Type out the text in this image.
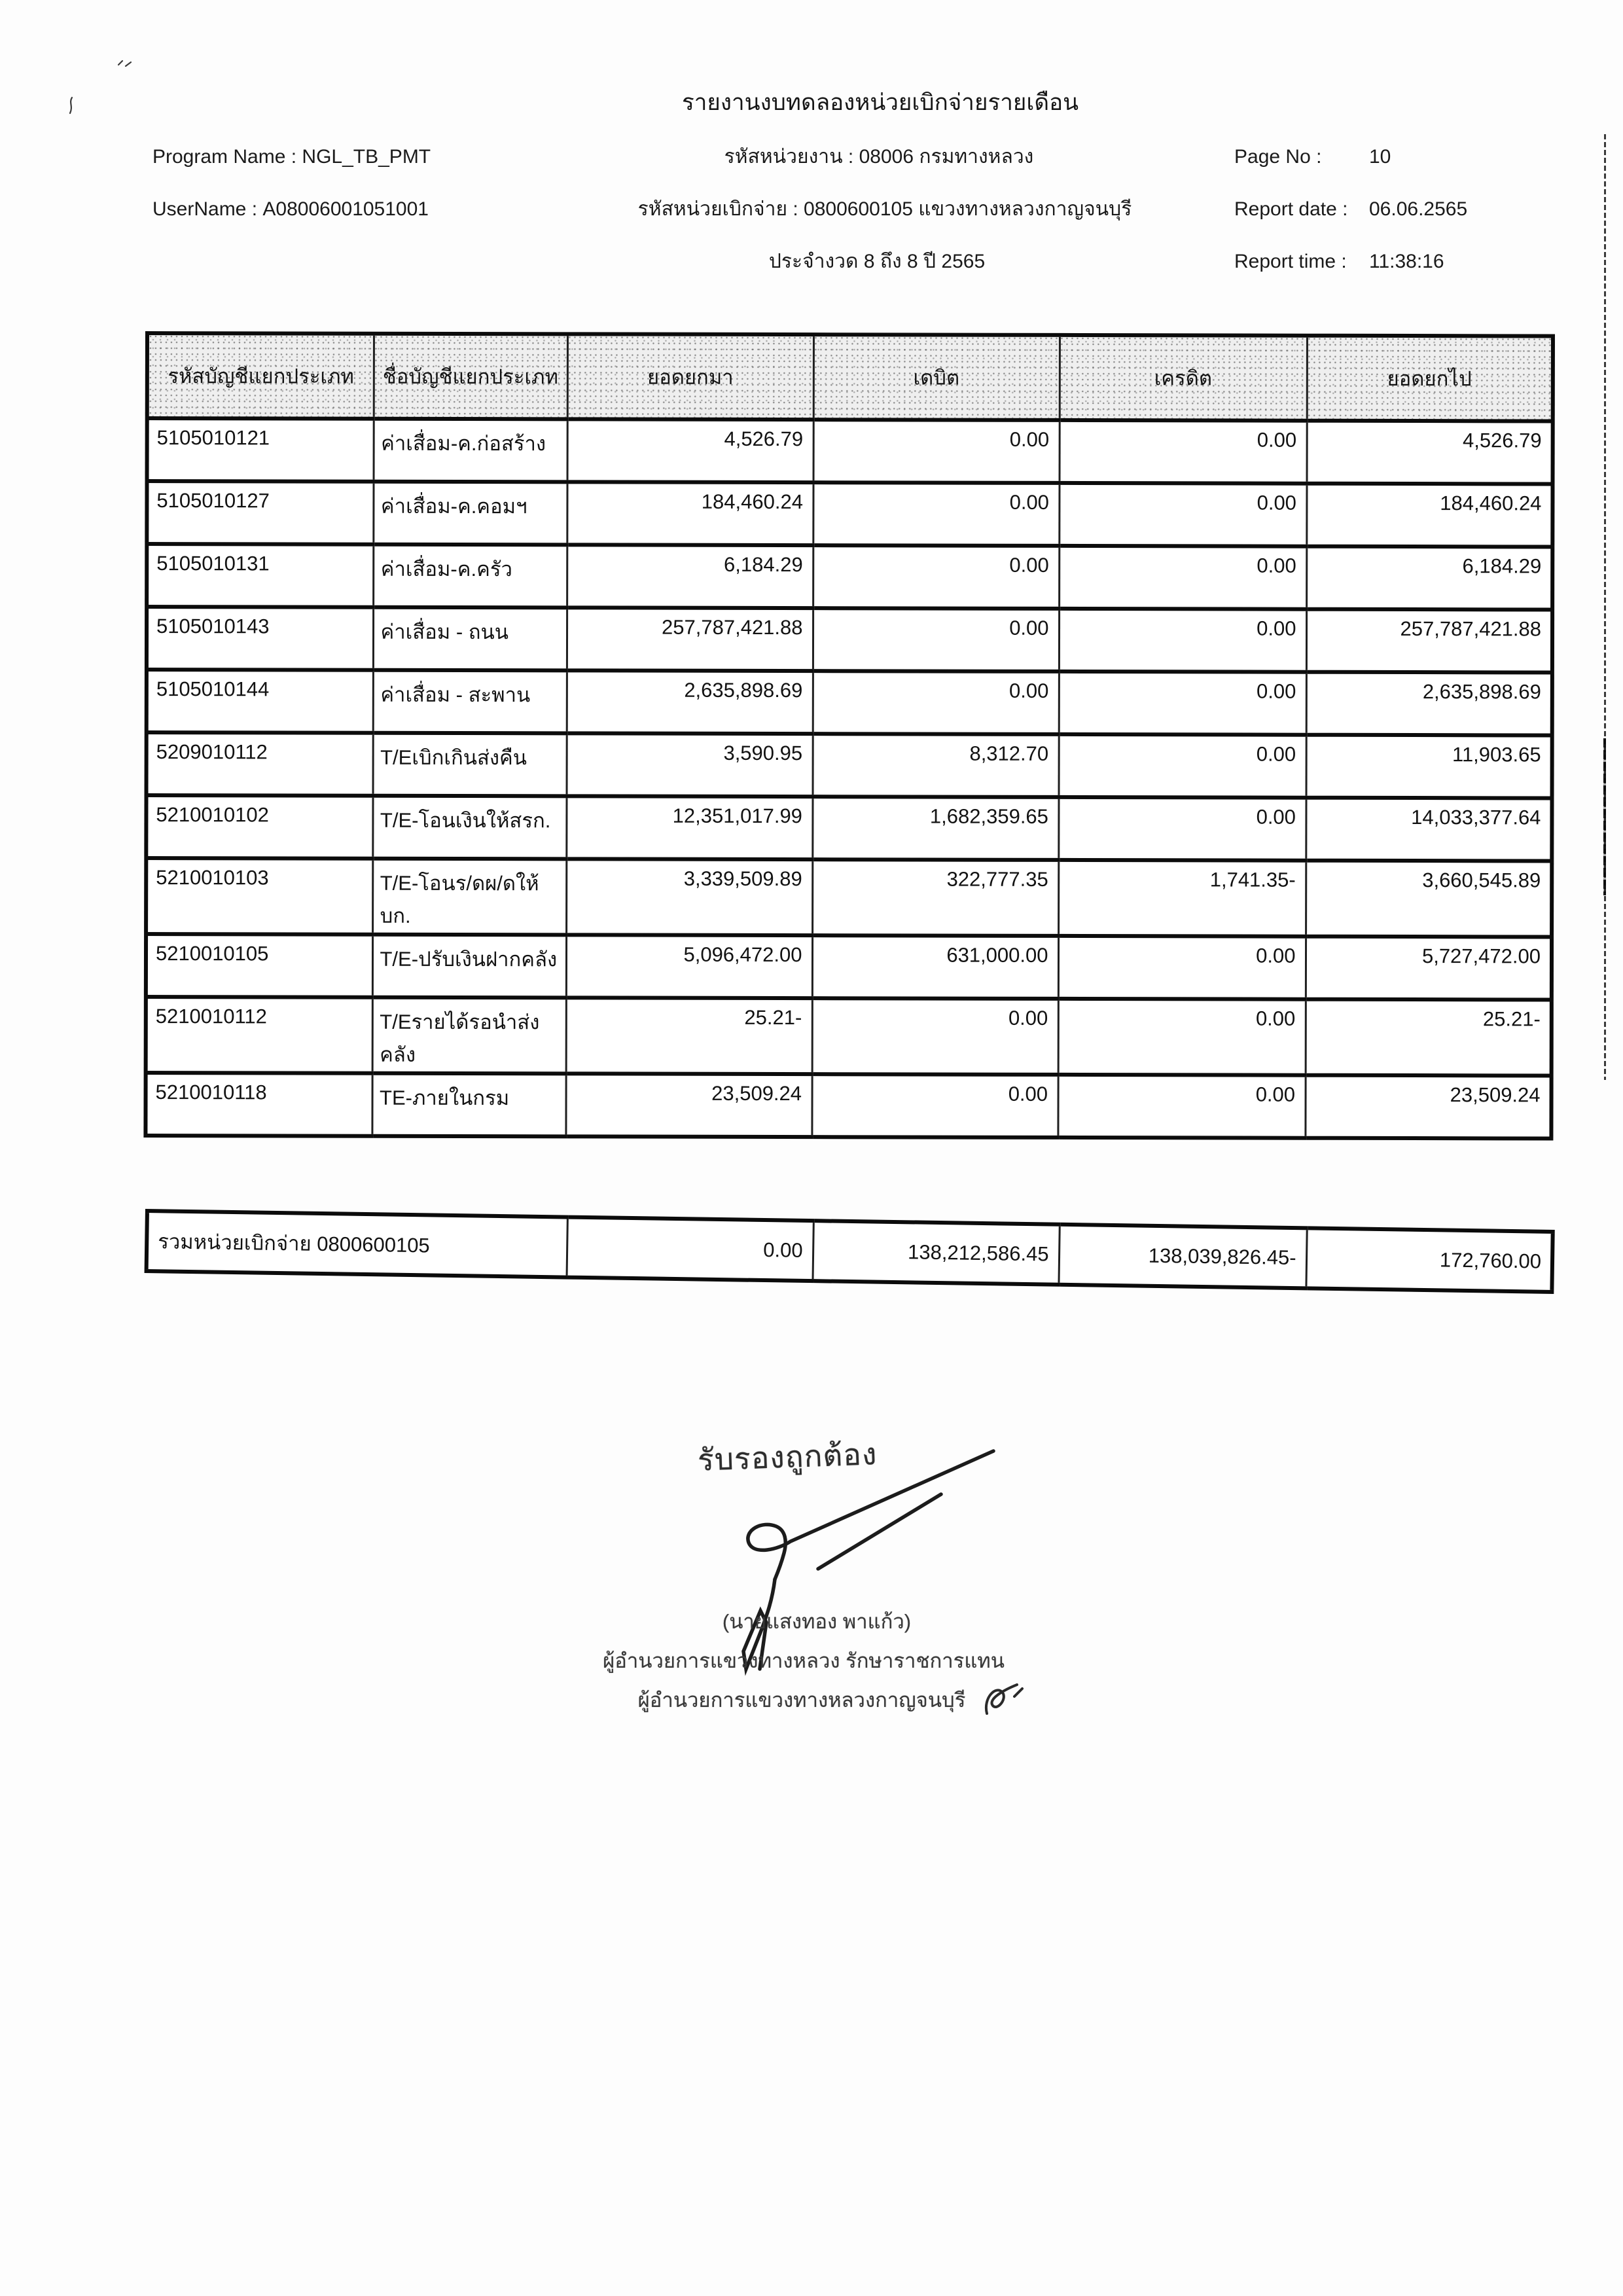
รายงานงบทดลองหน่วยเบิกจ่ายรายเดือน
Program Name : NGL_TB_PMT	รหัสหน่วยงาน : 08006 กรมทางหลวง	Page No : 10
UserName : A08006001051001	รหัสหน่วยเบิกจ่าย : 0800600105 แขวงทางหลวงกาญจนบุรี	Report date : 06.06.2565
ประจำงวด 8 ถึง 8 ปี 2565	Report time : 11:38:16
รหัสบัญชีแยกประเภท	ชื่อบัญชีแยกประเภท	ยอดยกมา	เดบิต	เครดิต	ยอดยกไป
5105010121	ค่าเสื่อม-ค.ก่อสร้าง	4,526.79	0.00	0.00	4,526.79
5105010127	ค่าเสื่อม-ค.คอมฯ	184,460.24	0.00	0.00	184,460.24
5105010131	ค่าเสื่อม-ค.ครัว	6,184.29	0.00	0.00	6,184.29
5105010143	ค่าเสื่อม - ถนน	257,787,421.88	0.00	0.00	257,787,421.88
5105010144	ค่าเสื่อม - สะพาน	2,635,898.69	0.00	0.00	2,635,898.69
5209010112	T/Eเบิกเกินส่งคืน	3,590.95	8,312.70	0.00	11,903.65
5210010102	T/E-โอนเงินให้สรก.	12,351,017.99	1,682,359.65	0.00	14,033,377.64
5210010103	T/E-โอนร/ดผ/ดให้บก.	3,339,509.89	322,777.35	1,741.35-	3,660,545.89
5210010105	T/E-ปรับเงินฝากคลัง	5,096,472.00	631,000.00	0.00	5,727,472.00
5210010112	T/Eรายได้รอนำส่งคลัง	25.21-	0.00	0.00	25.21-
5210010118	TE-ภายในกรม	23,509.24	0.00	0.00	23,509.24
รวมหน่วยเบิกจ่าย 0800600105	0.00	138,212,586.45	138,039,826.45-	172,760.00
รับรองถูกต้อง
(นายแสงทอง พาแก้ว)
ผู้อำนวยการแขวงทางหลวง รักษาราชการแทน
ผู้อำนวยการแขวงทางหลวงกาญจนบุรี
